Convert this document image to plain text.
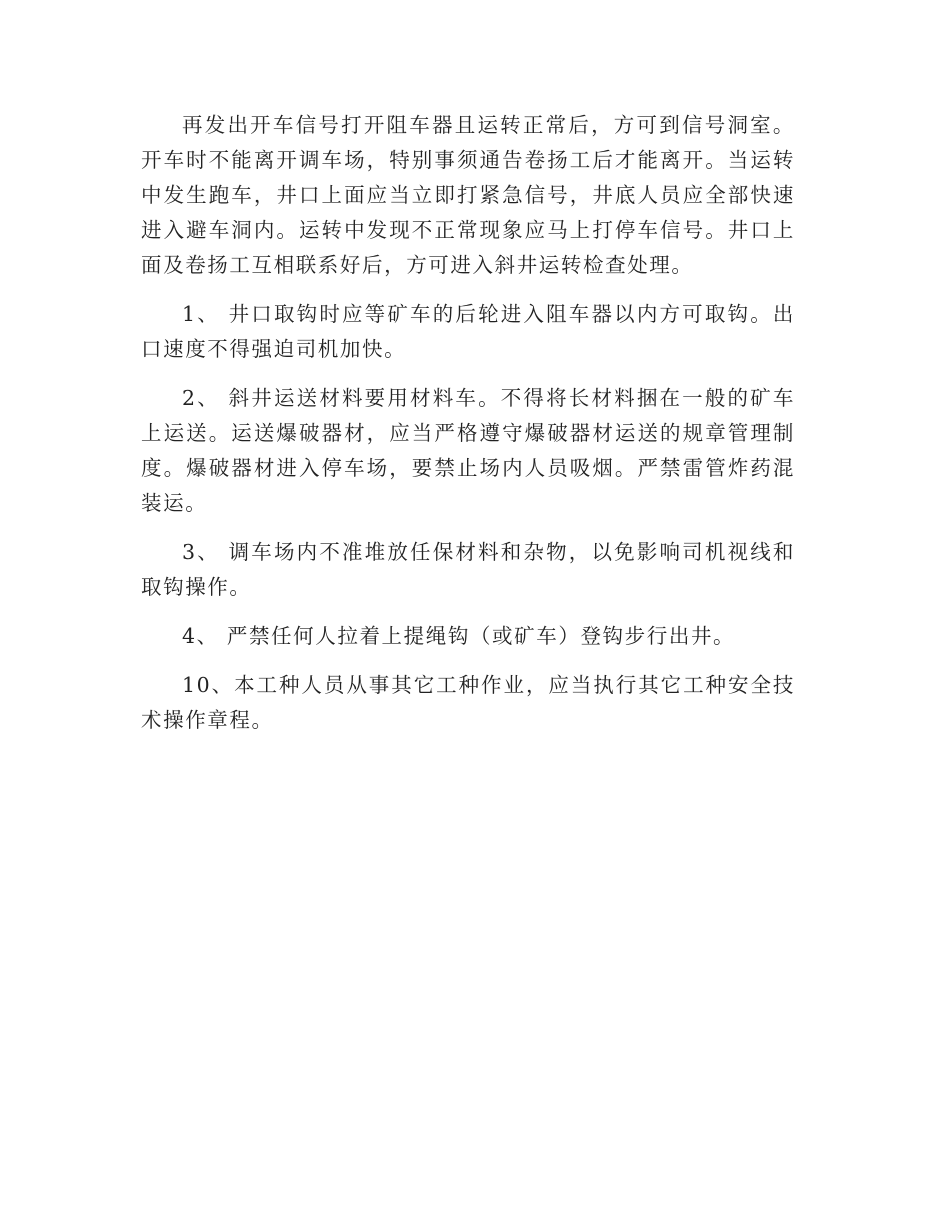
再发出开车信号打开阻车器且运转正常后，方可到信号洞室。开车时不能离开调车场，特别事须通告卷扬工后才能离开。当运转中发生跑车，井口上面应当立即打紧急信号，井底人员应全部快速进入避车洞内。运转中发现不正常现象应马上打停车信号。井口上面及卷扬工互相联系好后，方可进入斜井运转检查处理。

1、 井口取钩时应等矿车的后轮进入阻车器以内方可取钩。出口速度不得强迫司机加快。

2、 斜井运送材料要用材料车。不得将长材料捆在一般的矿车上运送。运送爆破器材，应当严格遵守爆破器材运送的规章管理制度。爆破器材进入停车场，要禁止场内人员吸烟。严禁雷管炸药混装运。

3、 调车场内不准堆放任保材料和杂物，以免影响司机视线和取钩操作。

4、 严禁任何人拉着上提绳钩（或矿车）登钩步行出井。

10、本工种人员从事其它工种作业，应当执行其它工种安全技术操作章程。
